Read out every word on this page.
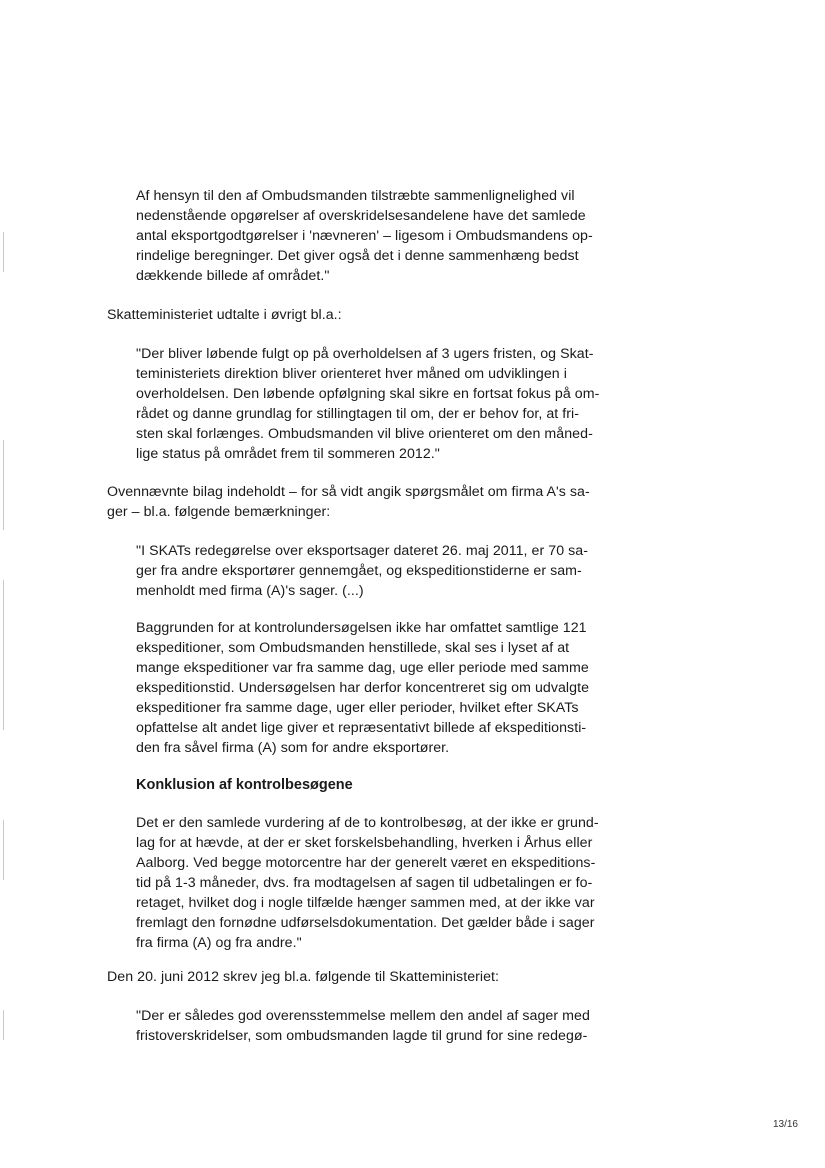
Af hensyn til den af Ombudsmanden tilstræbte sammenlignelighed vil
nedenstående opgørelser af overskridelsesandelene have det samlede
antal eksportgodtgørelser i 'nævneren' – ligesom i Ombudsmandens op-
rindelige beregninger. Det giver også det i denne sammenhæng bedst
dækkende billede af området."
Skatteministeriet udtalte i øvrigt bl.a.:
"Der bliver løbende fulgt op på overholdelsen af 3 ugers fristen, og Skat-
teministeriets direktion bliver orienteret hver måned om udviklingen i
overholdelsen. Den løbende opfølgning skal sikre en fortsat fokus på om-
rådet og danne grundlag for stillingtagen til om, der er behov for, at fri-
sten skal forlænges. Ombudsmanden vil blive orienteret om den måned-
lige status på området frem til sommeren 2012."
Ovennævnte bilag indeholdt – for så vidt angik spørgsmålet om firma A's sa-
ger – bl.a. følgende bemærkninger:
"I SKATs redegørelse over eksportsager dateret 26. maj 2011, er 70 sa-
ger fra andre eksportører gennemgået, og ekspeditionstiderne er sam-
menholdt med firma (A)'s sager. (...)
Baggrunden for at kontrolundersøgelsen ikke har omfattet samtlige 121
ekspeditioner, som Ombudsmanden henstillede, skal ses i lyset af at
mange ekspeditioner var fra samme dag, uge eller periode med samme
ekspeditionstid. Undersøgelsen har derfor koncentreret sig om udvalgte
ekspeditioner fra samme dage, uger eller perioder, hvilket efter SKATs
opfattelse alt andet lige giver et repræsentativt billede af ekspeditionsti-
den fra såvel firma (A) som for andre eksportører.
Konklusion af kontrolbesøgene
Det er den samlede vurdering af de to kontrolbesøg, at der ikke er grund-
lag for at hævde, at der er sket forskelsbehandling, hverken i Århus eller
Aalborg. Ved begge motorcentre har der generelt været en ekspeditions-
tid på 1-3 måneder, dvs. fra modtagelsen af sagen til udbetalingen er fo-
retaget, hvilket dog i nogle tilfælde hænger sammen med, at der ikke var
fremlagt den fornødne udførselsdokumentation. Det gælder både i sager
fra firma (A) og fra andre."
Den 20. juni 2012 skrev jeg bl.a. følgende til Skatteministeriet:
"Der er således god overensstemmelse mellem den andel af sager med
fristoverskridelser, som ombudsmanden lagde til grund for sine redegø-
13/16
